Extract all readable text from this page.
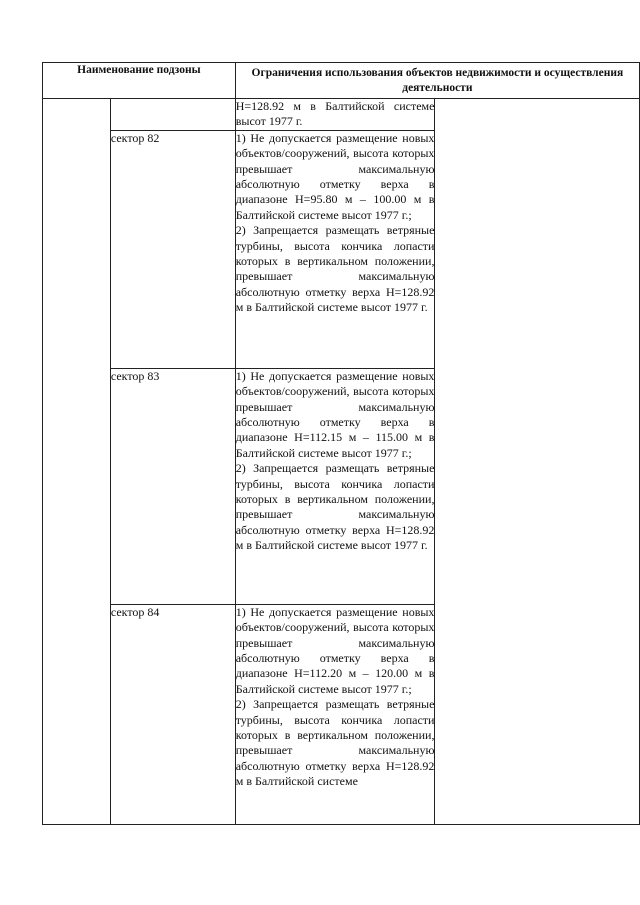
Наименование подзоны		Ограничения использования объектов недвижимости и осуществления деятельности	

		Н=128.92 м в Балтийской системе высот 1977 г.	

	сектор 82	1) Не допускается размещение новых объектов/сооружений, высота которых превышает максимальную абсолютную отметку верха в диапазоне Н=95.80 м – 100.00 м в Балтийской системе высот 1977 г.;

2) Запрещается размещать ветряные турбины, высота кончика лопасти которых в вертикальном положении, превышает максимальную абсолютную отметку верха Н=128.92 м в Балтийской системе высот 1977 г.	

	сектор 83	1) Не допускается размещение новых объектов/сооружений, высота которых превышает максимальную абсолютную отметку верха в диапазоне Н=112.15 м – 115.00 м в Балтийской системе высот 1977 г.;

2) Запрещается размещать ветряные турбины, высота кончика лопасти которых в вертикальном положении, превышает максимальную абсолютную отметку верха Н=128.92 м в Балтийской системе высот 1977 г.	

	сектор 84	1) Не допускается размещение новых объектов/сооружений, высота которых превышает максимальную абсолютную отметку верха в диапазоне Н=112.20 м – 120.00 м в Балтийской системе высот 1977 г.;

2) Запрещается размещать ветряные турбины, высота кончика лопасти которых в вертикальном положении, превышает максимальную абсолютную отметку верха Н=128.92 м в Балтийской системе	
